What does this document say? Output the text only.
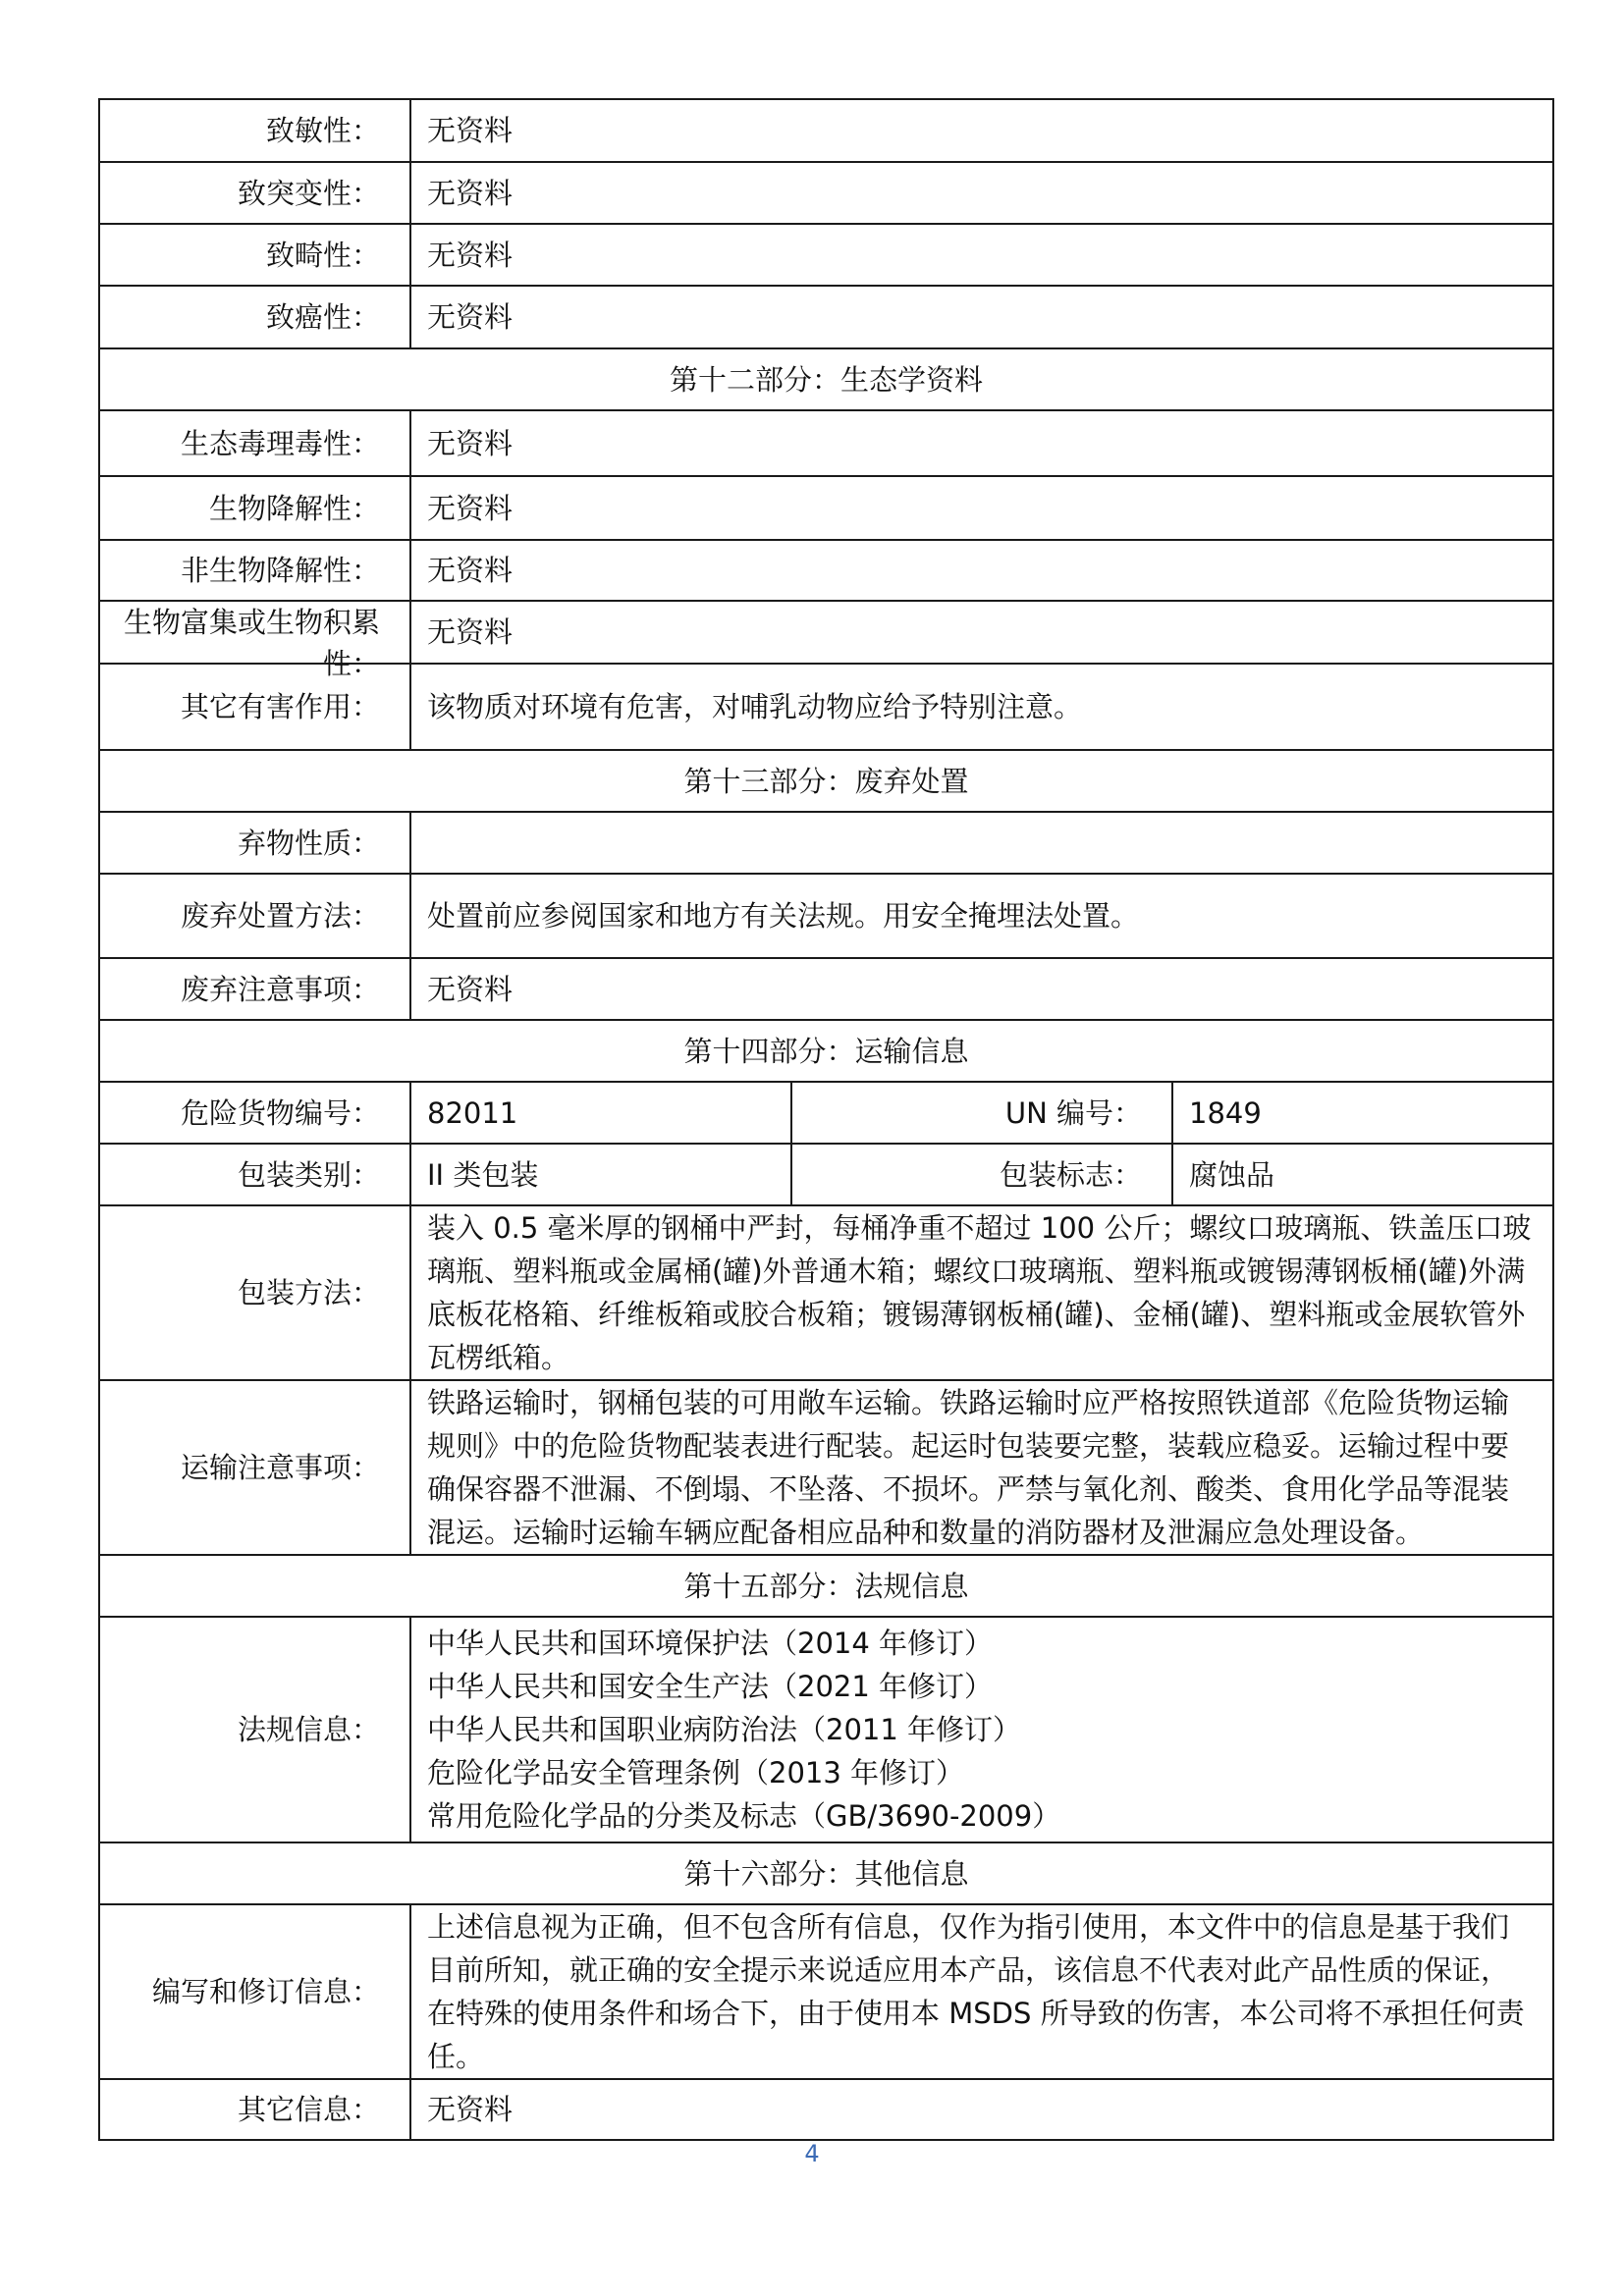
致敏性：	无资料		
致突变性：	无资料		
致畸性：	无资料		
致癌性：	无资料		
第十二部分：生态学资料			
生态毒理毒性：	无资料		
生物降解性：	无资料		
非生物降解性：	无资料		

生物富集或生物积累性：	无资料		
其它有害作用：	该物质对环境有危害，对哺乳动物应给予特别注意。		
第十三部分：废弃处置			
弃物性质：			
废弃处置方法：	处置前应参阅国家和地方有关法规。用安全掩埋法处置。		
废弃注意事项：	无资料		
第十四部分：运输信息			
危险货物编号：	82011	UN 编号：	1849
包装类别：	II 类包装	包装标志：	腐蚀品
包装方法：	装入 0.5 毫米厚的钢桶中严封，每桶净重不超过 100 公斤；螺纹口玻璃瓶、铁盖压口玻璃瓶、塑料瓶或金属桶(罐)外普通木箱；螺纹口玻璃瓶、塑料瓶或镀锡薄钢板桶(罐)外满底板花格箱、纤维板箱或胶合板箱；镀锡薄钢板桶(罐)、金桶(罐)、塑料瓶或金展软管外瓦楞纸箱。		
运输注意事项：	铁路运输时，钢桶包装的可用敞车运输。铁路运输时应严格按照铁道部《危险货物运输规则》中的危险货物配装表进行配装。起运时包装要完整，装载应稳妥。运输过程中要确保容器不泄漏、不倒塌、不坠落、不损坏。严禁与氧化剂、酸类、食用化学品等混装混运。运输时运输车辆应配备相应品种和数量的消防器材及泄漏应急处理设备。		
第十五部分：法规信息			
法规信息：	中华人民共和国环境保护法（2014 年修订）
中华人民共和国安全生产法（2021 年修订）
中华人民共和国职业病防治法（2011 年修订）
危险化学品安全管理条例（2013 年修订）
常用危险化学品的分类及标志（GB/3690-2009）		

第十六部分：其他信息			
编写和修订信息：	上述信息视为正确，但不包含所有信息，仅作为指引使用，本文件中的信息是基于我们目前所知，就正确的安全提示来说适应用本产品，该信息不代表对此产品性质的保证，在特殊的使用条件和场合下，由于使用本 MSDS 所导致的伤害，本公司将不承担任何责任。		
其它信息：	无资料		
4
